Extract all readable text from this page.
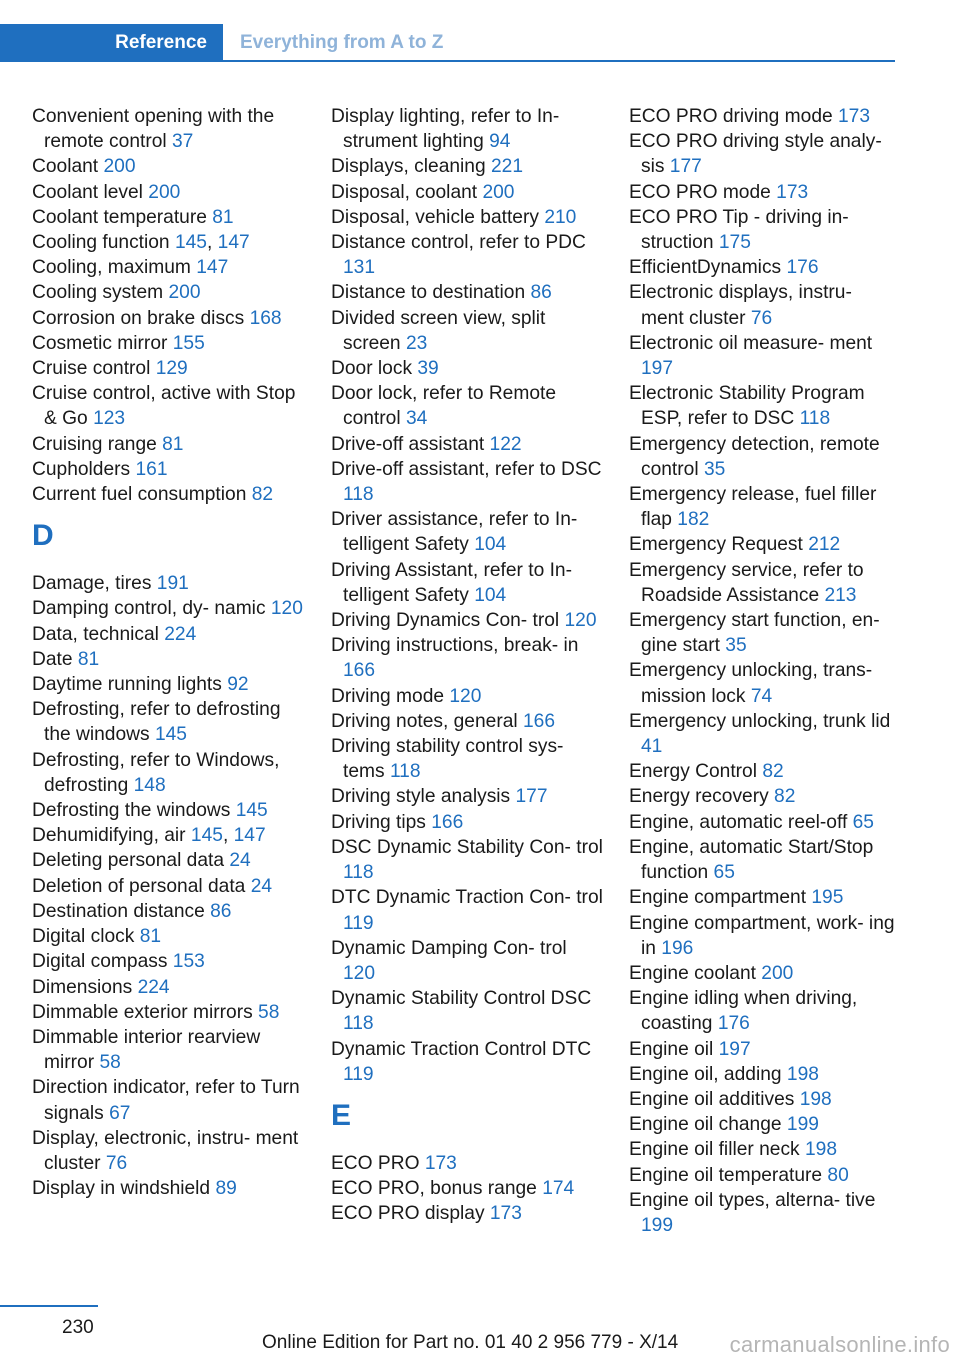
Reference	Everything from A to Z
Convenient opening with the remote control 37
Coolant 200
Coolant level 200
Coolant temperature 81
Cooling function 145, 147
Cooling, maximum 147
Cooling system 200
Corrosion on brake discs 168
Cosmetic mirror 155
Cruise control 129
Cruise control, active with Stop & Go 123
Cruising range 81
Cupholders 161
Current fuel consumption 82
D
Damage, tires 191
Damping control, dy- namic 120
Data, technical 224
Date 81
Daytime running lights 92
Defrosting, refer to defrosting the windows 145
Defrosting, refer to Windows, defrosting 148
Defrosting the windows 145
Dehumidifying, air 145, 147
Deleting personal data 24
Deletion of personal data 24
Destination distance 86
Digital clock 81
Digital compass 153
Dimensions 224
Dimmable exterior mirrors 58
Dimmable interior rearview mirror 58
Direction indicator, refer to Turn signals 67
Display, electronic, instru- ment cluster 76
Display in windshield 89
Display lighting, refer to In- strument lighting 94
Displays, cleaning 221
Disposal, coolant 200
Disposal, vehicle battery 210
Distance control, refer to PDC 131
Distance to destination 86
Divided screen view, split screen 23
Door lock 39
Door lock, refer to Remote control 34
Drive-off assistant 122
Drive-off assistant, refer to DSC 118
Driver assistance, refer to In- telligent Safety 104
Driving Assistant, refer to In- telligent Safety 104
Driving Dynamics Con- trol 120
Driving instructions, break- in 166
Driving mode 120
Driving notes, general 166
Driving stability control sys- tems 118
Driving style analysis 177
Driving tips 166
DSC Dynamic Stability Con- trol 118
DTC Dynamic Traction Con- trol 119
Dynamic Damping Con- trol 120
Dynamic Stability Control DSC 118
Dynamic Traction Control DTC 119
E
ECO PRO 173
ECO PRO, bonus range 174
ECO PRO display 173
ECO PRO driving mode 173
ECO PRO driving style analy- sis 177
ECO PRO mode 173
ECO PRO Tip - driving in- struction 175
EfficientDynamics 176
Electronic displays, instru- ment cluster 76
Electronic oil measure- ment 197
Electronic Stability Program ESP, refer to DSC 118
Emergency detection, remote control 35
Emergency release, fuel filler flap 182
Emergency Request 212
Emergency service, refer to Roadside Assistance 213
Emergency start function, en- gine start 35
Emergency unlocking, trans- mission lock 74
Emergency unlocking, trunk lid 41
Energy Control 82
Energy recovery 82
Engine, automatic reel-off 65
Engine, automatic Start/Stop function 65
Engine compartment 195
Engine compartment, work- ing in 196
Engine coolant 200
Engine idling when driving, coasting 176
Engine oil 197
Engine oil, adding 198
Engine oil additives 198
Engine oil change 199
Engine oil filler neck 198
Engine oil temperature 80
Engine oil types, alterna- tive 199
230
Online Edition for Part no. 01 40 2 956 779 - X/14 carmanualsonline.info
